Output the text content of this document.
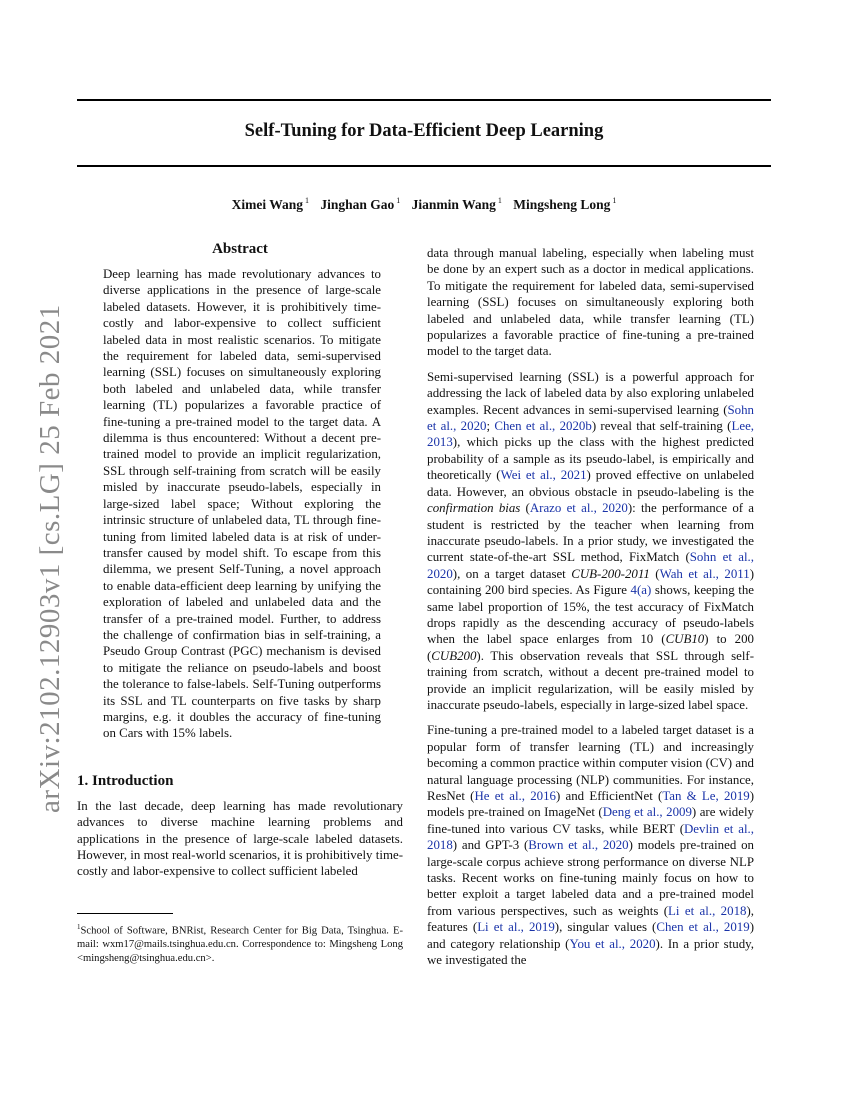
Self-Tuning for Data-Efficient Deep Learning
Ximei Wang $^1$ Jinghan Gao $^1$ Jianmin Wang $^1$ Mingsheng Long $^1$
arXiv:2102.12903v1 [cs.LG] 25 Feb 2021
Abstract

Deep learning has made revolutionary advances to diverse applications in the presence of large-scale labeled datasets. However, it is prohibitively time-costly and labor-expensive to collect sufficient labeled data in most realistic scenarios. To mitigate the requirement for labeled data, semi-supervised learning (SSL) focuses on simultaneously exploring both labeled and unlabeled data, while transfer learning (TL) popularizes a favorable practice of fine-tuning a pre-trained model to the target data. A dilemma is thus encountered: Without a decent pre-trained model to provide an implicit regularization, SSL through self-training from scratch will be easily misled by inaccurate pseudo-labels, especially in large-sized label space; Without exploring the intrinsic structure of unlabeled data, TL through fine-tuning from limited labeled data is at risk of under-transfer caused by model shift. To escape from this dilemma, we present Self-Tuning, a novel approach to enable data-efficient deep learning by unifying the exploration of labeled and unlabeled data and the transfer of a pre-trained model. Further, to address the challenge of confirmation bias in self-training, a Pseudo Group Contrast (PGC) mechanism is devised to mitigate the reliance on pseudo-labels and boost the tolerance to false-labels. Self-Tuning outperforms its SSL and TL counterparts on five tasks by sharp margins, e.g. it doubles the accuracy of fine-tuning on Cars with 15% labels.

1. Introduction

In the last decade, deep learning has made revolutionary advances to diverse machine learning problems and applications in the presence of large-scale labeled datasets. However, in most real-world scenarios, it is prohibitively time-costly and labor-expensive to collect sufficient labeled

$^1$School of Software, BNRist, Research Center for Big Data, Tsinghua. E-mail: wxm17@mails.tsinghua.edu.cn. Correspondence to: Mingsheng Long <mingsheng@tsinghua.edu.cn>.

data through manual labeling, especially when labeling must be done by an expert such as a doctor in medical applications. To mitigate the requirement for labeled data, semi-supervised learning (SSL) focuses on simultaneously exploring both labeled and unlabeled data, while transfer learning (TL) popularizes a favorable practice of fine-tuning a pre-trained model to the target data.

Semi-supervised learning (SSL) is a powerful approach for addressing the lack of labeled data by also exploring unlabeled examples. Recent advances in semi-supervised learning (Sohn et al., 2020; Chen et al., 2020b) reveal that self-training (Lee, 2013), which picks up the class with the highest predicted probability of a sample as its pseudo-label, is empirically and theoretically (Wei et al., 2021) proved effective on unlabeled data. However, an obvious obstacle in pseudo-labeling is the confirmation bias (Arazo et al., 2020): the performance of a student is restricted by the teacher when learning from inaccurate pseudo-labels. In a prior study, we investigated the current state-of-the-art SSL method, FixMatch (Sohn et al., 2020), on a target dataset CUB-200-2011 (Wah et al., 2011) containing 200 bird species. As Figure 4(a) shows, keeping the same label proportion of 15%, the test accuracy of FixMatch drops rapidly as the descending accuracy of pseudo-labels when the label space enlarges from 10 (CUB10) to 200 (CUB200). This observation reveals that SSL through self-training from scratch, without a decent pre-trained model to provide an implicit regularization, will be easily misled by inaccurate pseudo-labels, especially in large-sized label space.

Fine-tuning a pre-trained model to a labeled target dataset is a popular form of transfer learning (TL) and increasingly becoming a common practice within computer vision (CV) and natural language processing (NLP) communities. For instance, ResNet (He et al., 2016) and EfficientNet (Tan & Le, 2019) models pre-trained on ImageNet (Deng et al., 2009) are widely fine-tuned into various CV tasks, while BERT (Devlin et al., 2018) and GPT-3 (Brown et al., 2020) models pre-trained on large-scale corpus achieve strong performance on diverse NLP tasks. Recent works on fine-tuning mainly focus on how to better exploit a target labeled data and a pre-trained model from various perspectives, such as weights (Li et al., 2018), features (Li et al., 2019), singular values (Chen et al., 2019) and category relationship (You et al., 2020). In a prior study, we investigated the
